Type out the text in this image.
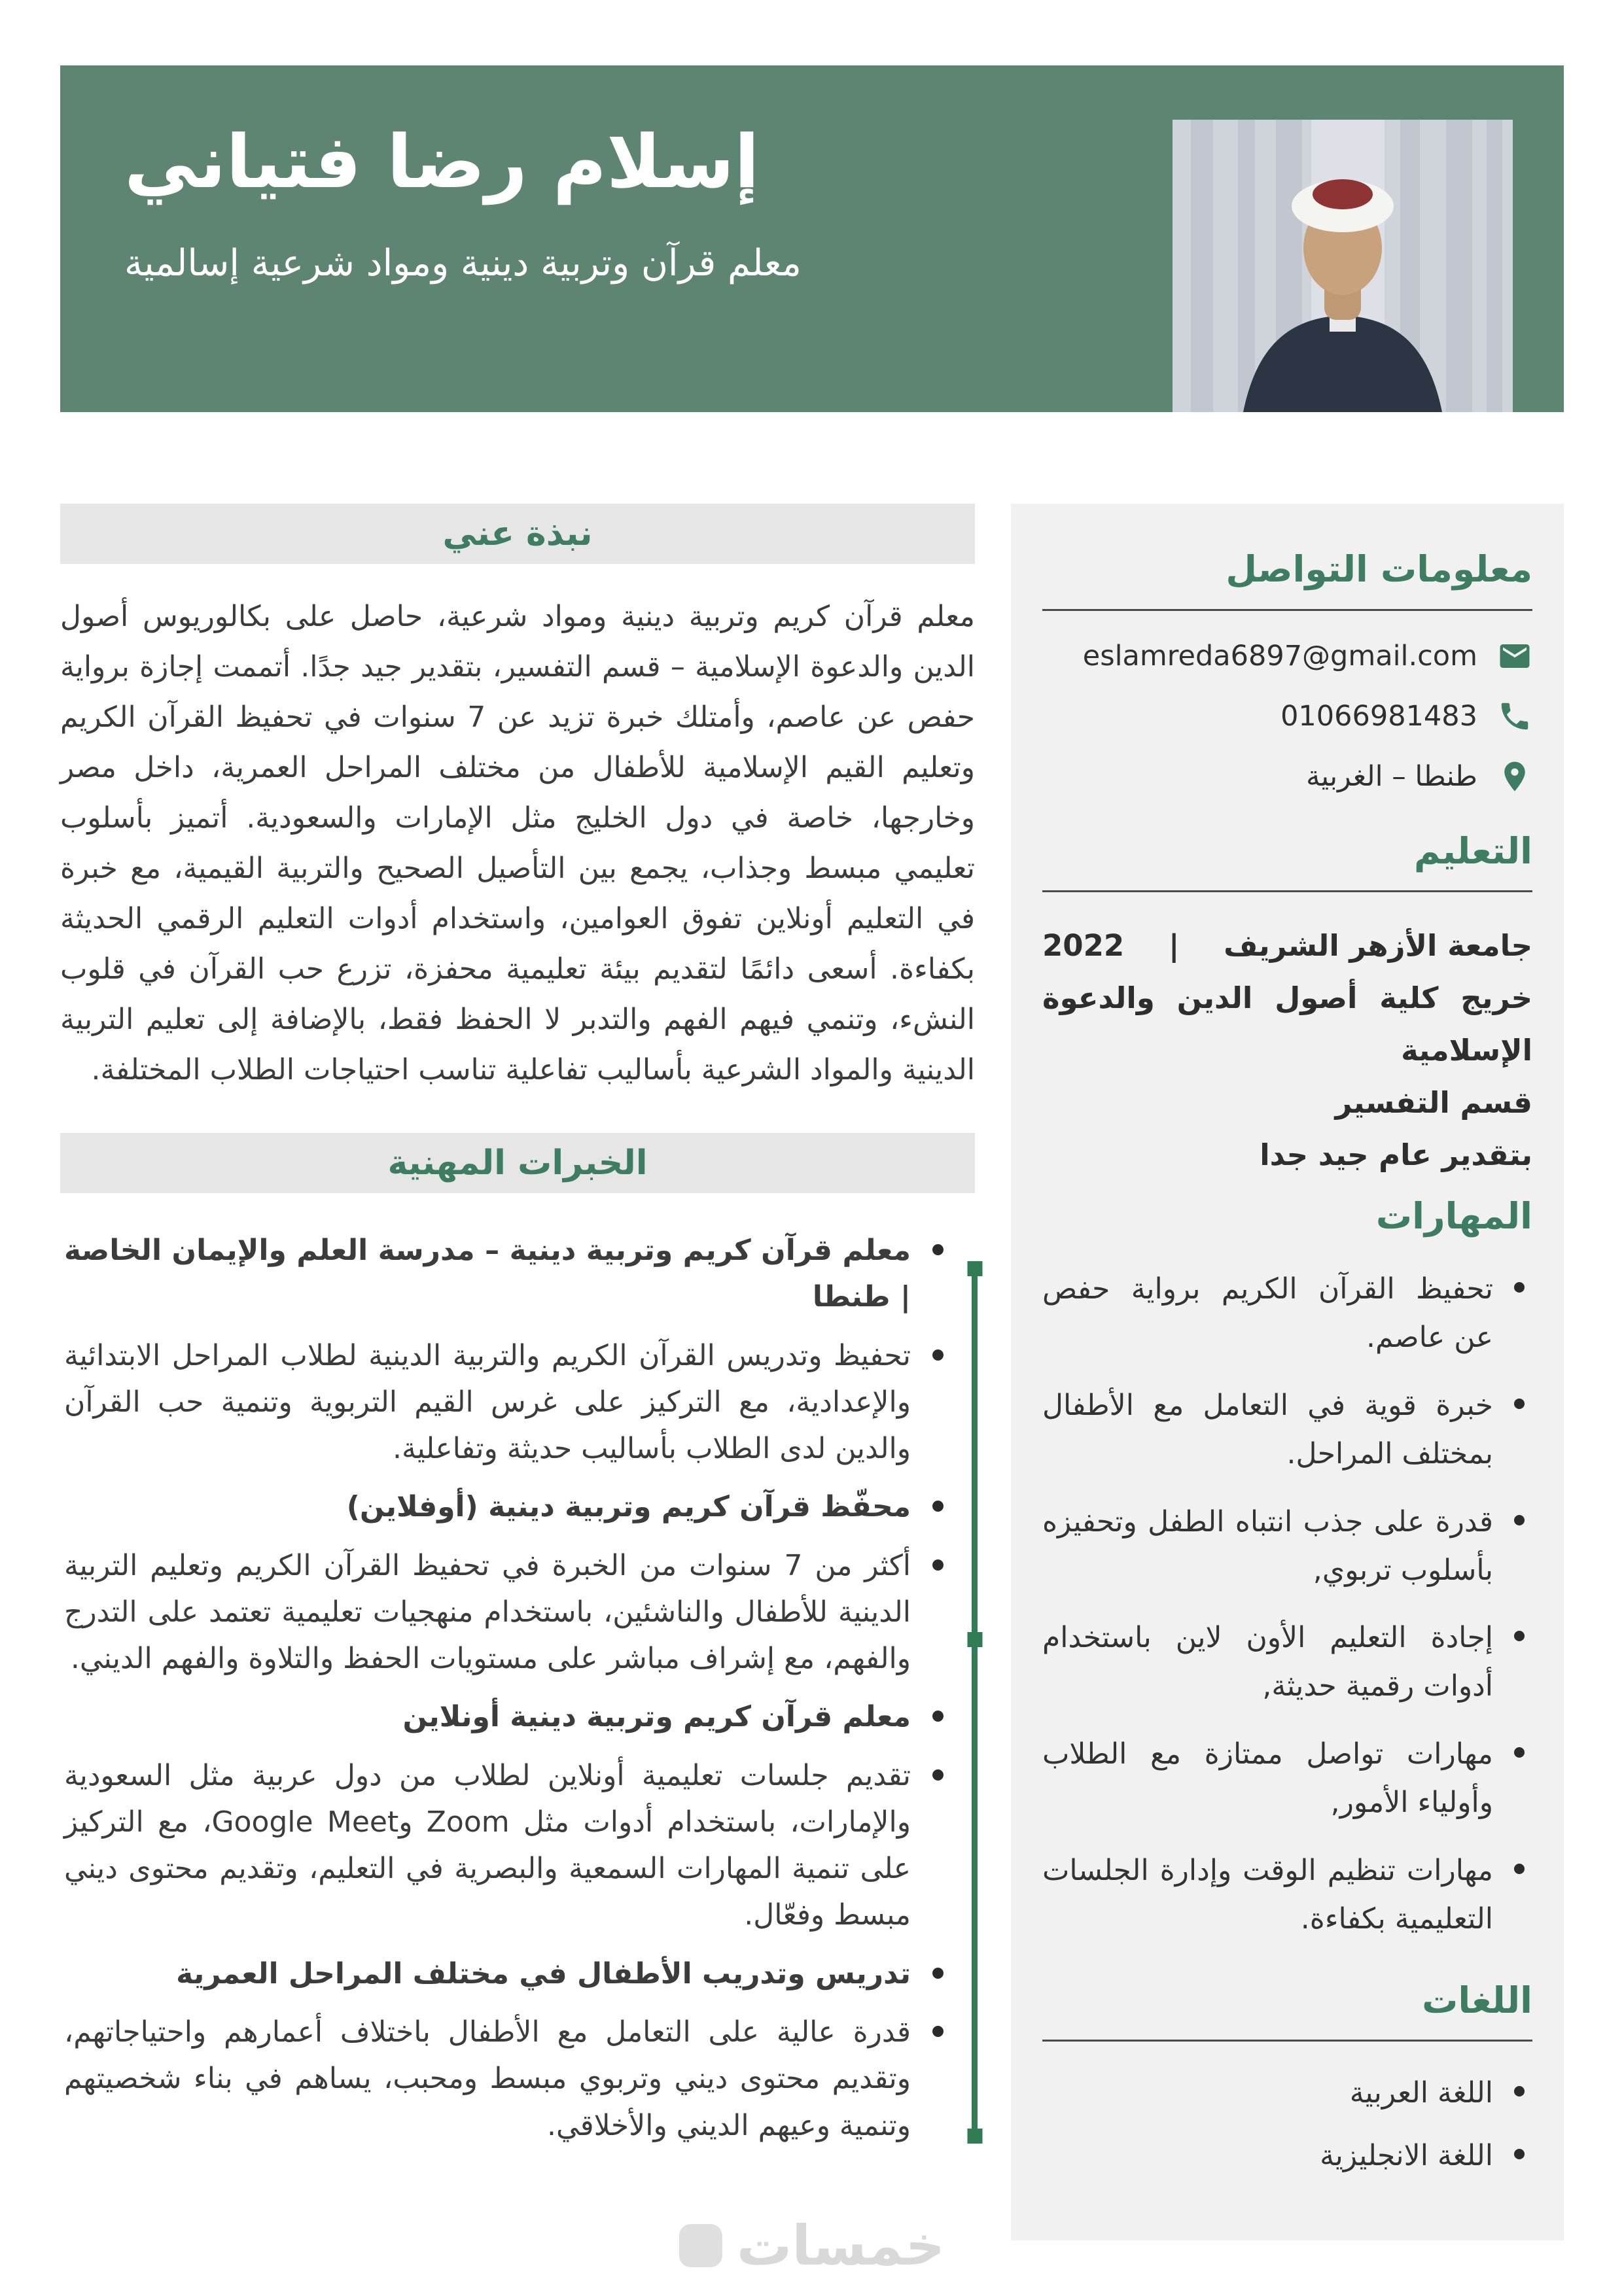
إسلام رضا فتياني

معلم قرآن وتربية دينية ومواد شرعية إسالمية

معلومات التواصل
eslamreda6897@gmail.com
01066981483
طنطا – الغربية
التعليم
جامعة الأزهر الشريف
|
2022

خريج كلية أصول الدين والدعوة الإسلامية

قسم التفسير

بتقدير عام جيد جدا

المهارات
تحفيظ القرآن الكريم برواية حفص عن عاصم.
خبرة قوية في التعامل مع الأطفال بمختلف المراحل.
قدرة على جذب انتباه الطفل وتحفيزه بأسلوب تربوي,
إجادة التعليم الأون لاين باستخدام أدوات رقمية حديثة,
مهارات تواصل ممتازة مع الطلاب وأولياء الأمور,
مهارات تنظيم الوقت وإدارة الجلسات التعليمية بكفاءة.
اللغات
اللغة العربية
اللغة الانجليزية
نبذة عني

معلم قرآن كريم وتربية دينية ومواد شرعية، حاصل على بكالوريوس أصول الدين والدعوة الإسلامية – قسم التفسير، بتقدير جيد جدًا. أتممت إجازة برواية حفص عن عاصم، وأمتلك خبرة تزيد عن 7 سنوات في تحفيظ القرآن الكريم وتعليم القيم الإسلامية للأطفال من مختلف المراحل العمرية، داخل مصر وخارجها، خاصة في دول الخليج مثل الإمارات والسعودية. أتميز بأسلوب تعليمي مبسط وجذاب، يجمع بين التأصيل الصحيح والتربية القيمية، مع خبرة في التعليم أونلاين تفوق العوامين، واستخدام أدوات التعليم الرقمي الحديثة بكفاءة. أسعى دائمًا لتقديم بيئة تعليمية محفزة، تزرع حب القرآن في قلوب النشء، وتنمي فيهم الفهم والتدبر لا الحفظ فقط، بالإضافة إلى تعليم التربية الدينية والمواد الشرعية بأساليب تفاعلية تناسب احتياجات الطلاب المختلفة.

الخبرات المهنية
معلم قرآن كريم وتربية دينية – مدرسة العلم والإيمان الخاصة | طنطا
تحفيظ وتدريس القرآن الكريم والتربية الدينية لطلاب المراحل الابتدائية والإعدادية، مع التركيز على غرس القيم التربوية وتنمية حب القرآن والدين لدى الطلاب بأساليب حديثة وتفاعلية.
محفّظ قرآن كريم وتربية دينية (أوفلاين)
أكثر من 7 سنوات من الخبرة في تحفيظ القرآن الكريم وتعليم التربية الدينية للأطفال والناشئين، باستخدام منهجيات تعليمية تعتمد على التدرج والفهم، مع إشراف مباشر على مستويات الحفظ والتلاوة والفهم الديني.
معلم قرآن كريم وتربية دينية أونلاين
تقديم جلسات تعليمية أونلاين لطلاب من دول عربية مثل السعودية والإمارات، باستخدام أدوات مثل Zoom وGoogle Meet، مع التركيز على تنمية المهارات السمعية والبصرية في التعليم، وتقديم محتوى ديني مبسط وفعّال.
تدريس وتدريب الأطفال في مختلف المراحل العمرية
قدرة عالية على التعامل مع الأطفال باختلاف أعمارهم واحتياجاتهم، وتقديم محتوى ديني وتربوي مبسط ومحبب، يساهم في بناء شخصيتهم وتنمية وعيهم الديني والأخلاقي.
خمسات
